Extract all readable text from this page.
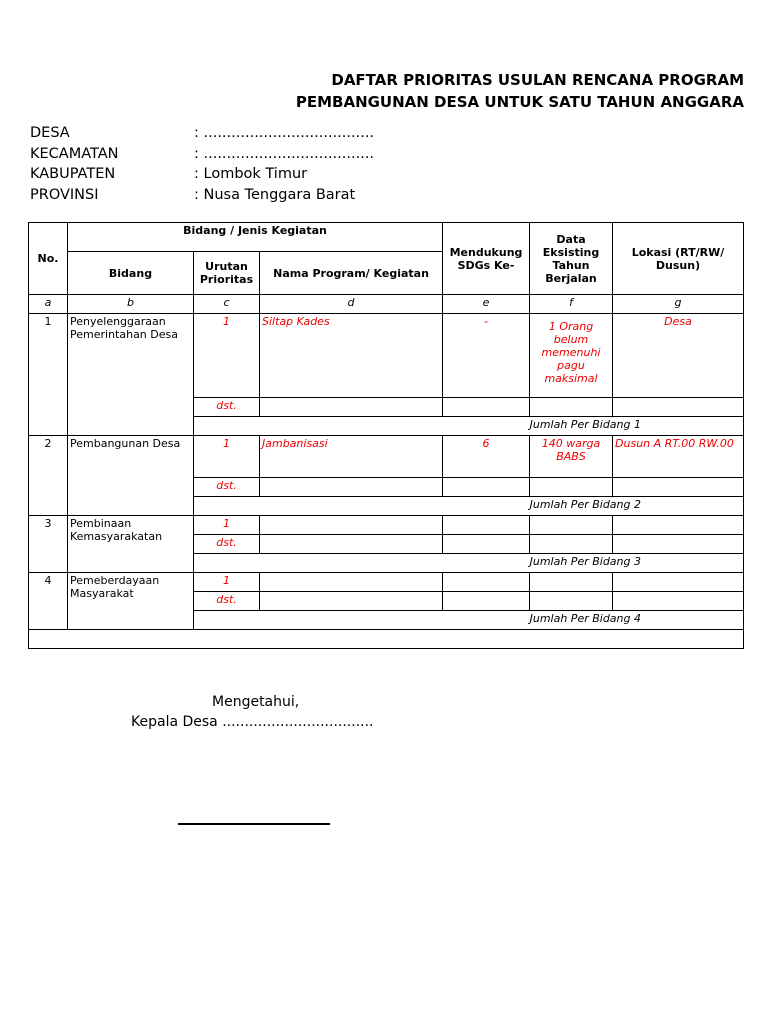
DAFTAR PRIORITAS USULAN RENCANA PROGRAM
PEMBANGUNAN DESA UNTUK SATU TAHUN ANGGARA
DESA	: .....................................
KECAMATAN	: .....................................
KABUPATEN	: Lombok Timur
PROVINSI	: Nusa Tenggara Barat
No.	Bidang / Jenis Kegiatan			Mendukung SDGs Ke-	Data Eksisting Tahun Berjalan	Lokasi (RT/RW/ Dusun)
	Bidang	Urutan Prioritas	Nama Program/ Kegiatan			
a	b	c	d	e	f	g
1	Penyelenggaraan Pemerintahan Desa	1	Siltap Kades	-	1 Orang belum memenuhi pagu maksimal	Desa
		dst.				
		Jumlah Per Bidang 1				
2	Pembangunan Desa	1	Jambanisasi	6	140 warga BABS	Dusun A RT.00 RW.00
		dst.				
		Jumlah Per Bidang 2				
3	Pembinaan Kemasyarakatan	1				
		dst.				
		Jumlah Per Bidang 3				
4	Pemeberdayaan Masyarakat	1				
		dst.				
		Jumlah Per Bidang 4				

Mengetahui,
Kepala Desa ..................................
